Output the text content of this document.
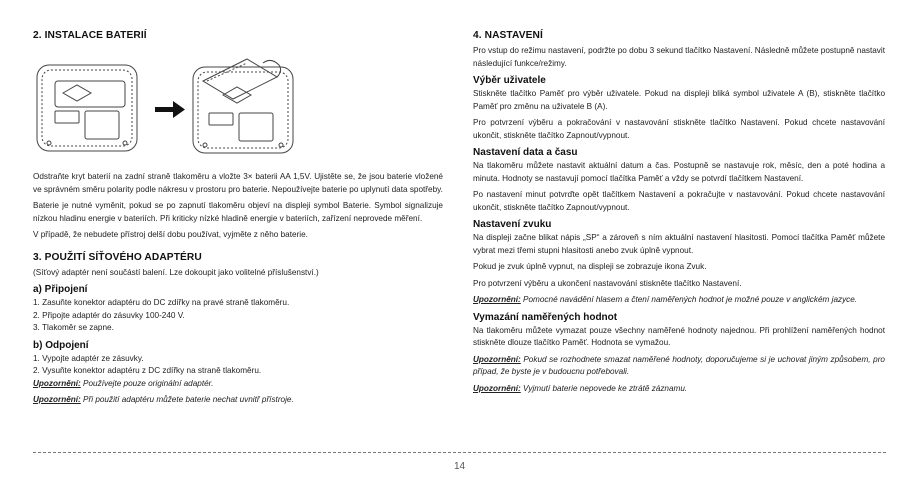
2. INSTALACE BATERIÍ

Odstraňte kryt baterií na zadní straně tlakoměru a vložte 3× baterii AA 1,5V. Ujistěte se, že jsou baterie vložené ve správném směru polarity podle nákresu v prostoru pro baterie. Nepoužívejte baterie po uplynutí data spotřeby.

Baterie je nutné vyměnit, pokud se po zapnutí tlakoměru objeví na displeji symbol Baterie. Symbol signalizuje nízkou hladinu energie v bateriích. Při kriticky nízké hladině energie v bateriích, zařízení neprovede měření.

V případě, že nebudete přístroj delší dobu používat, vyjměte z něho baterie.

3. POUŽITÍ SÍŤOVÉHO ADAPTÉRU

(Síťový adaptér není součástí balení. Lze dokoupit jako volitelné příslušenství.)

a) Připojení

1. Zasuňte konektor adaptéru do DC zdířky na pravé straně tlakoměru.

2. Připojte adaptér do zásuvky 100-240 V.

3. Tlakoměr se zapne.

b) Odpojení

1. Vypojte adaptér ze zásuvky.

2. Vysuňte konektor adaptéru z DC zdířky na straně tlakoměru.

Upozornění: Používejte pouze originální adaptér.

Upozornění: Při použití adaptéru můžete baterie nechat uvnitř přístroje.

4. NASTAVENÍ

Pro vstup do režimu nastavení, podržte po dobu 3 sekund tlačítko Nastavení. Následně můžete postupně nastavit následující funkce/režimy.

Výběr uživatele

Stiskněte tlačítko Paměť pro výběr uživatele. Pokud na displeji bliká symbol uživatele A (B), stiskněte tlačítko Paměť pro změnu na uživatele B (A).

Pro potvrzení výběru a pokračování v nastavování stiskněte tlačítko Nastavení. Pokud chcete nastavování ukončit, stiskněte tlačítko Zapnout/vypnout.

Nastavení data a času

Na tlakoměru můžete nastavit aktuální datum a čas. Postupně se nastavuje rok, měsíc, den a poté hodina a minuta. Hodnoty se nastavují pomocí tlačítka Paměť a vždy se potvrdí tlačítkem Nastavení.

Po nastavení minut potvrďte opět tlačítkem Nastavení a pokračujte v nastavování. Pokud chcete nastavování ukončit, stiskněte tlačítko Zapnout/vypnout.

Nastavení zvuku

Na displeji začne blikat nápis „SP“ a zároveň s ním aktuální nastavení hlasitosti. Pomocí tlačítka Paměť můžete vybrat mezi třemi stupni hlasitosti anebo zvuk úplně vypnout.

Pokud je zvuk úplně vypnut, na displeji se zobrazuje ikona Zvuk.

Pro potvrzení výběru a ukončení nastavování stiskněte tlačítko Nastavení.

Upozornění: Pomocné navádění hlasem a čtení naměřených hodnot je možné pouze v anglickém jazyce.

Vymazání naměřených hodnot

Na tlakoměru můžete vymazat pouze všechny naměřené hodnoty najednou. Při prohlížení naměřených hodnot stiskněte dlouze tlačítko Paměť. Hodnota se vymažou.

Upozornění: Pokud se rozhodnete smazat naměřené hodnoty, doporučujeme si je uchovat jiným způsobem, pro případ, že byste je v budoucnu potřebovali.

Upozornění: Vyjmutí baterie nepovede ke ztrátě záznamu.

14
